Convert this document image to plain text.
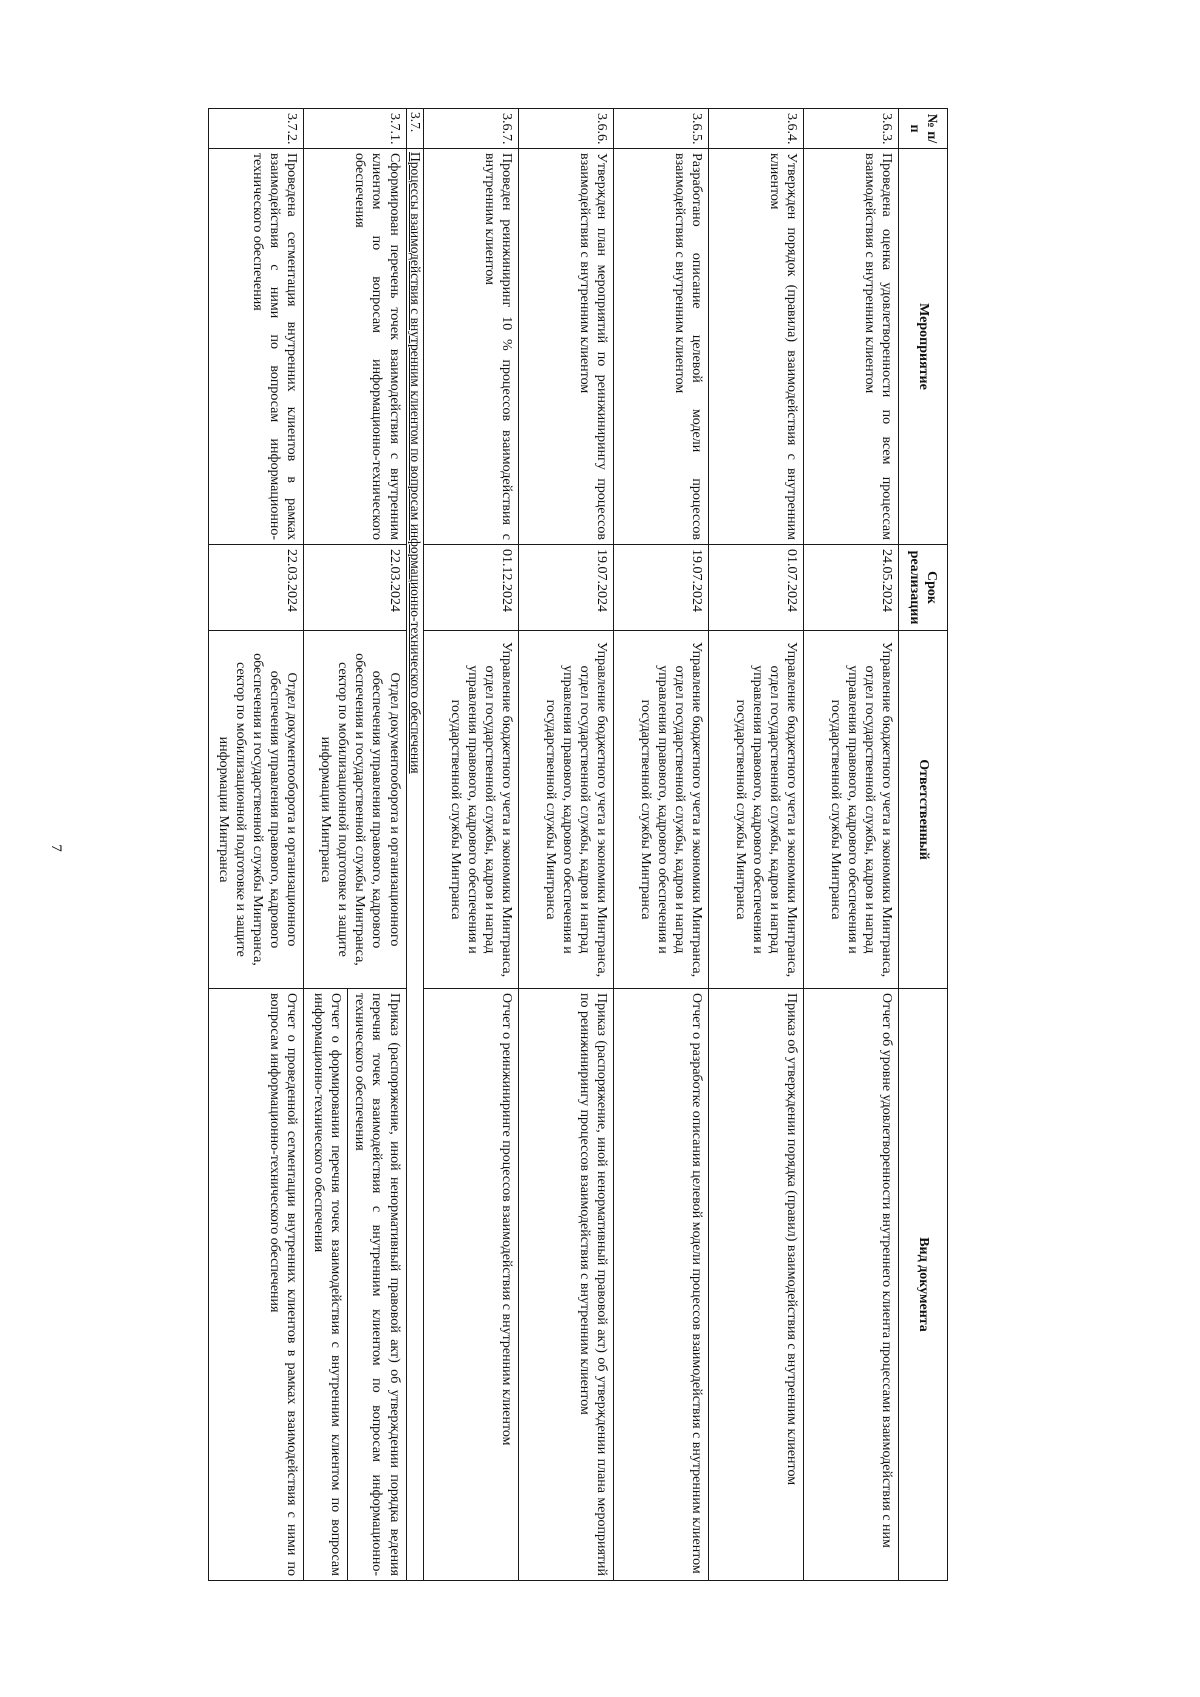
7
№ п/п	Мероприятие	Срок реализации	Ответственный	Вид документа
3.6.3.	Проведена оценка удовлетворенности по всем процессам взаимодействия с внутренним клиентом	24.05.2024	Управление бюджетного учета и экономики Минтранса, отдел государственной службы, кадров и наград управления правового, кадрового обеспечения и государственной службы Минтранса	Отчет об уровне удовлетворенности внутреннего клиента процессами взаимодействия с ним
3.6.4.	Утвержден порядок (правила) взаимодействия с внутренним клиентом	01.07.2024	Управление бюджетного учета и экономики Минтранса, отдел государственной службы, кадров и наград управления правового, кадрового обеспечения и государственной службы Минтранса	Приказ об утверждении порядка (правил) взаимодействия с внутренним клиентом
3.6.5.	Разработано описание целевой модели процессов взаимодействия с внутренним клиентом	19.07.2024	Управление бюджетного учета и экономики Минтранса, отдел государственной службы, кадров и наград управления правового, кадрового обеспечения и государственной службы Минтранса	Отчет о разработке описания целевой модели процессов взаимодействия с внутренним клиентом
3.6.6.	Утвержден план мероприятий по реинжинирингу процессов взаимодействия с внутренним клиентом	19.07.2024	Управление бюджетного учета и экономики Минтранса, отдел государственной службы, кадров и наград управления правового, кадрового обеспечения и государственной службы Минтранса	Приказ (распоряжение, иной ненормативный правовой акт) об утверждении плана мероприятий по реинжинирингу процессов взаимодействия с внутренним клиентом
3.6.7.	Проведен реинжиниринг 10 % процессов взаимодействия с внутренним клиентом	01.12.2024	Управление бюджетного учета и экономики Минтранса, отдел государственной службы, кадров и наград управления правового, кадрового обеспечения и государственной службы Минтранса	Отчет о реинжиниринге процессов взаимодействия с внутренним клиентом
3.7.	Процессы взаимодействия с внутренним клиентом по вопросам информационно-технического обеспечения			
3.7.1.	Сформирован перечень точек взаимодействия с внутренним клиентом по вопросам информационно-технического обеспечения	22.03.2024	Отдел документооборота и организационного обеспечения управления правового, кадрового обеспечения и государственной службы Минтранса, сектор по мобилизационной подготовке и защите информации Минтранса	Приказ (распоряжение, иной ненормативный правовой акт) об утверждении порядка ведения перечня точек взаимодействия с внутренним клиентом по вопросам информационно-технического обеспечения
Отчет о формировании перечня точек взаимодействия с внутренним клиентом по вопросам информационно-технического обеспечения

3.7.2.	Проведена сегментация внутренних клиентов в рамках взаимодействия с ними по вопросам информационно-технического обеспечения	22.03.2024	Отдел документооборота и организационного обеспечения управления правового, кадрового обеспечения и государственной службы Минтранса, сектор по мобилизационной подготовке и защите информации Минтранса	Отчет о проведенной сегментации внутренних клиентов в рамках взаимодействия с ними по вопросам информационно-технического обеспечения
